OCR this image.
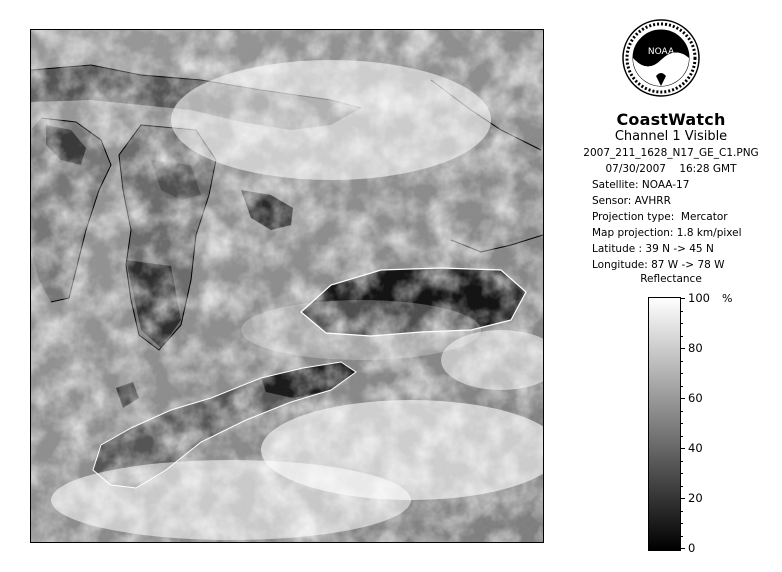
NOAA
CoastWatch
Channel 1 Visible
2007_211_1628_N17_GE_C1.PNG
07/30/2007    16:28 GMT
Satellite: NOAA-17
Sensor: AVHRR
Projection type:  Mercator
Map projection: 1.8 km/pixel
Latitude : 39 N -> 45 N
Longitude: 87 W -> 78 W
Reflectance
100
80
60
40
20
0
%
